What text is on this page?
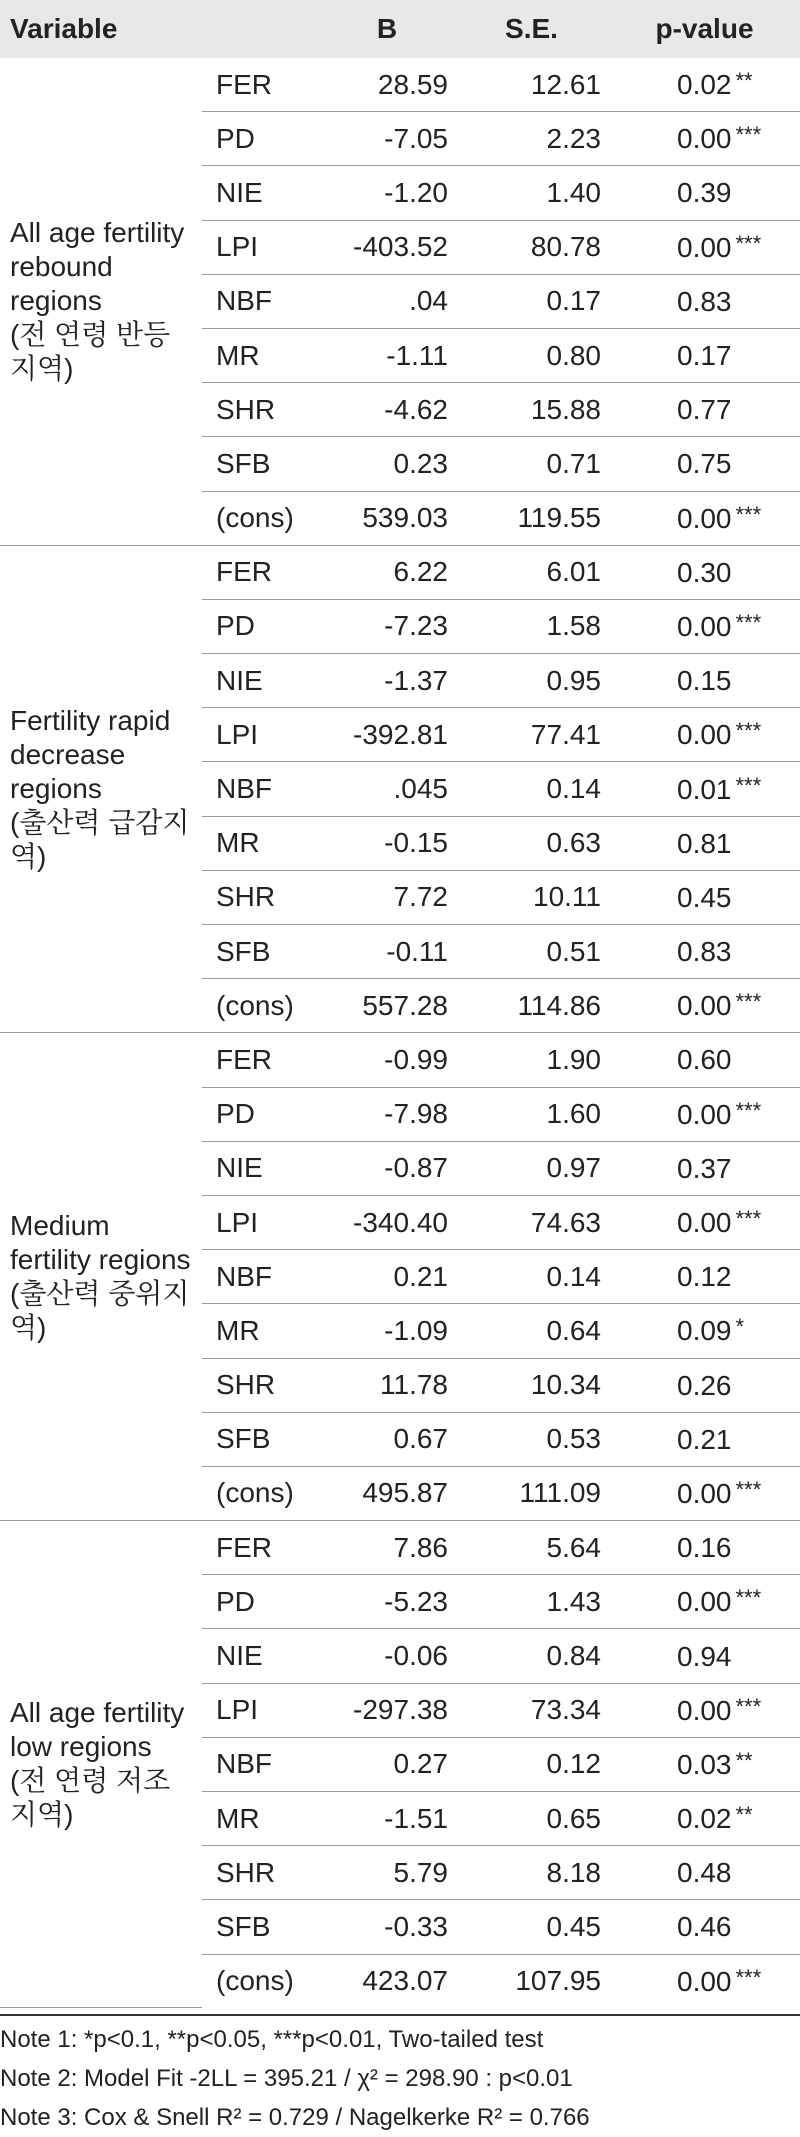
Variable		B	S.E.	p-value

All age fertility rebound regions
(전 연령 반등지역)	FER	28.59	12.61	0.02 **
	PD	-7.05	2.23	0.00 ***
	NIE	-1.20	1.40	0.39
	LPI	-403.52	80.78	0.00 ***
	NBF	.04	0.17	0.83
	MR	-1.11	0.80	0.17
	SHR	-4.62	15.88	0.77
	SFB	0.23	0.71	0.75
	(cons)	539.03	119.55	0.00 ***

Fertility rapid decrease regions
(출산력 급감지역)	FER	6.22	6.01	0.30
	PD	-7.23	1.58	0.00 ***
	NIE	-1.37	0.95	0.15
	LPI	-392.81	77.41	0.00 ***
	NBF	.045	0.14	0.01 ***
	MR	-0.15	0.63	0.81
	SHR	7.72	10.11	0.45
	SFB	-0.11	0.51	0.83
	(cons)	557.28	114.86	0.00 ***

Medium fertility regions
(출산력 중위지역)	FER	-0.99	1.90	0.60
	PD	-7.98	1.60	0.00 ***
	NIE	-0.87	0.97	0.37
	LPI	-340.40	74.63	0.00 ***
	NBF	0.21	0.14	0.12
	MR	-1.09	0.64	0.09 *
	SHR	11.78	10.34	0.26
	SFB	0.67	0.53	0.21
	(cons)	495.87	111.09	0.00 ***

All age fertility low regions
(전 연령 저조지역)	FER	7.86	5.64	0.16
	PD	-5.23	1.43	0.00 ***
	NIE	-0.06	0.84	0.94
	LPI	-297.38	73.34	0.00 ***
	NBF	0.27	0.12	0.03 **
	MR	-1.51	0.65	0.02 **
	SHR	5.79	8.18	0.48
	SFB	-0.33	0.45	0.46
	(cons)	423.07	107.95	0.00 ***
Note 1: *p<0.1, **p<0.05, ***p<0.01, Two-tailed test
Note 2: Model Fit -2LL = 395.21 / χ² = 298.90 : p<0.01
Note 3: Cox & Snell R² = 0.729 / Nagelkerke R² = 0.766
